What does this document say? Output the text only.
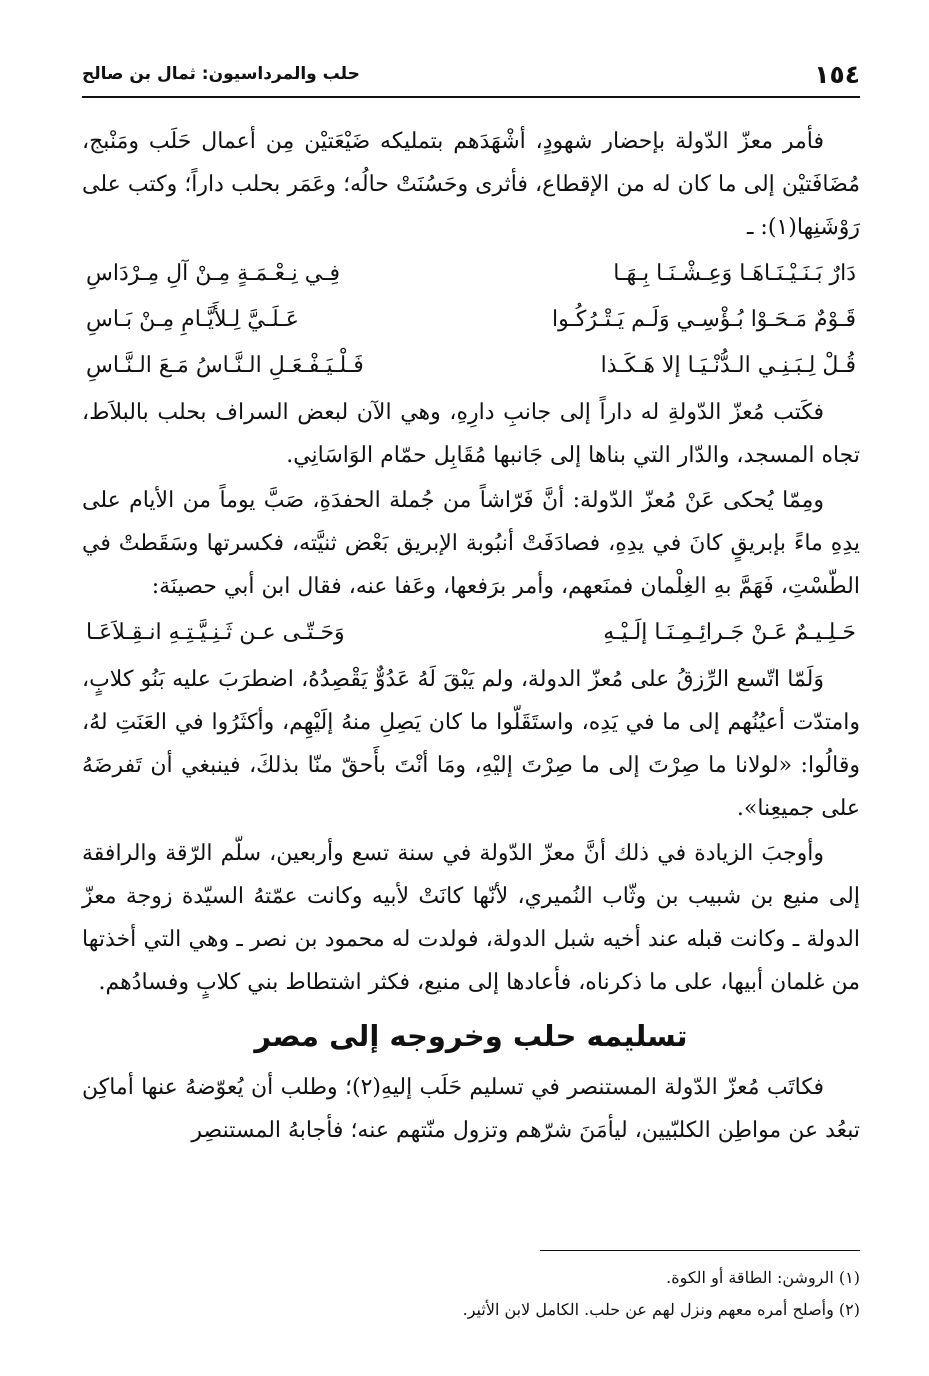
١٥٤
حلب والمرداسيون: ثمال بن صالح

فأمر معزّ الدّولة بإحضار شهودٍ، أشْهَدَهم بتمليكه ضَيْعَتيْن مِن أعمال حَلَب ومَنْبج، مُضَافَتيْن إلى ما كان له من الإقطاع، فأثرى وحَسُنَتْ حالُه؛ وعَمَر بحلب داراً؛ وكتب على رَوْشَنِها(١): ـ

دَارٌ بَـنَـيْـنَـاهَـا وَعِـشْـنَـا بِـهَـا
فِـي نِـعْـمَـةٍ مِـنْ آلِ مِـرْدَاسِ
قَـوْمٌ مَـحَـوْا بُـؤْسِـي وَلَـم يَـتْـرُكُـوا
عَـلَـيَّ لِـلأَيَّـامِ مِـنْ بَـاسِ
قُـلْ لِـبَـنِـي الـدُّنْـيَـا إلا هَـكَـذا
فَـلْـيَـفْـعَـلِ الـنَّـاسُ مَـعَ الـنَّـاسِ

فكَتب مُعزّ الدّولةِ له داراً إلى جانبِ دارِهِ، وهي الآن لبعض السراف بحلب بالبلاَط، تجاه المسجد، والدّار التي بناها إلى جَانبها مُقَابِل حمّام الوَاسَانِي.

ومِمّا يُحكى عَنْ مُعزّ الدّولة: أنَّ فَرّاشاً من جُملة الحفدَةِ، صَبَّ يوماً من الأيام على يدِهِ ماءً بإبريقٍ كانَ في يدِهِ، فصادَفَتْ أنبُوبة الإبريق بَعْض ثنيَّته، فكسرتها وسَقَطتْ في الطّسْتِ، فَهَمَّ بهِ الغِلْمان فمنَعهم، وأمر برَفعها، وعَفا عنه، فقال ابن أبي حصينَة:

حَـلِـيـمٌ عَـنْ جَـرائِـمِـنَـا إلَـيْـهِ
وَحَـتّـى عـن ثَـنِـيَّـتِـهِ انـقِـلاَعَـا

وَلَمّا اتّسع الرِّزقُ على مُعزّ الدولة، ولم يَبْقَ لَهُ عَدُوٌّ يَقْصِدُهُ، اضطرَبَ عليه بَنُو كلابٍ، وامتدّت أعيُنُهم إلى ما في يَدِه، واستَقَلّوا ما كان يَصِلِ منهُ إلَيْهِم، وأكثَرُوا في العَنَتِ لهُ، وقالُوا: «لولانا ما صِرْتَ إلى ما صِرْتَ إليْهِ، ومَا أنْتَ بأَحقّ منّا بذلكَ، فينبغي أن تَفرضَهُ على جميعِنا».

وأوجبَ الزيادة في ذلك أنَّ معزّ الدّولة في سنة تسع وأربعين، سلّم الرّقة والرافقة إلى منيع بن شبيب بن وثّاب النُميري، لأنّها كانَتْ لأبيه وكانت عمّتهُ السيّدة زوجة معزّ الدولة ـ وكانت قبله عند أخيه شبل الدولة، فولدت له محمود بن نصر ـ وهي التي أخذتها من غلمان أبيها، على ما ذكرناه، فأعادها إلى منيع، فكثر اشتطاط بني كلابٍ وفسادُهم.

تسليمه حلب وخروجه إلى مصر

فكاتَب مُعزّ الدّولة المستنصر في تسليم حَلَب إليهِ(٢)؛ وطلب أن يُعوّضهُ عنها أماكِن تبعُد عن مواطِن الكلبّيين، ليأمَنَ شرّهم وتزول منّتهم عنه؛ فأجابهُ المستنصِر

(١) الروشن: الطاقة أو الكوة.
(٢) وأصلح أمره معهم ونزل لهم عن حلب. الكامل لابن الأثير.
